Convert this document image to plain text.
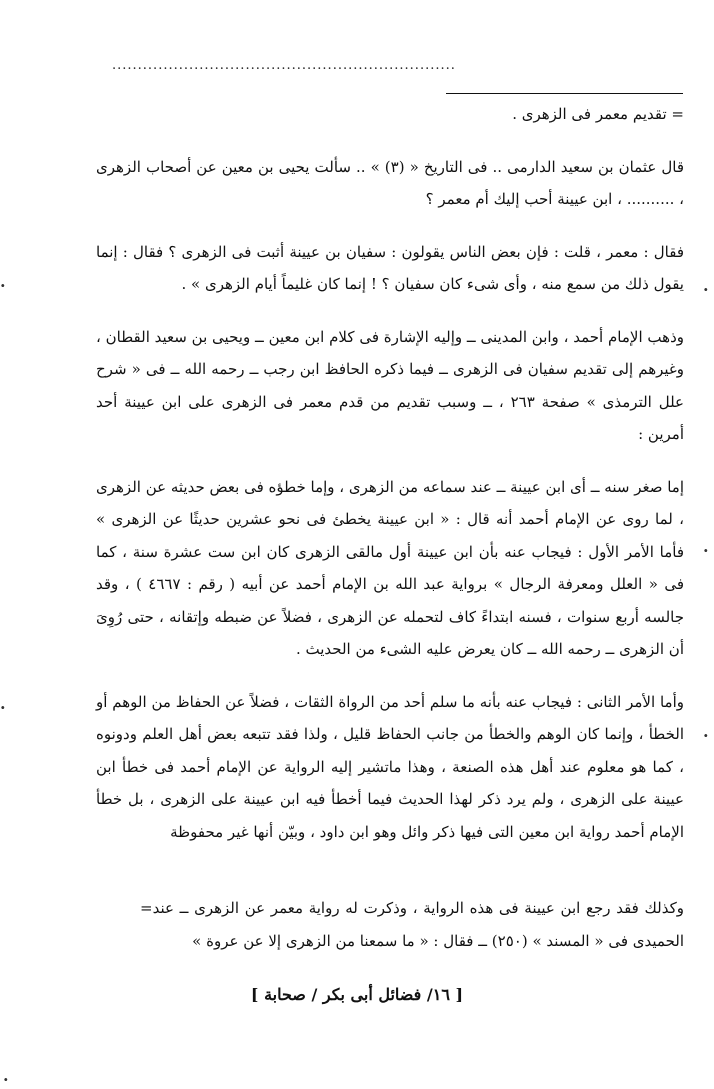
...................................................................

= تقديم معمر فى الزهرى .

قال عثمان بن سعيد الدارمى .. فى التاريخ « (٣) » .. سألت يحيى بن معين عن أصحاب الزهرى ، .......... ، ابن عيينة أحب إليك أم معمر ؟

فقال : معمر ، قلت : فإن بعض الناس يقولون : سفيان بن عيينة أثبت فى الزهرى ؟ فقال : إنما يقول ذلك من سمع منه ، وأى شىء كان سفيان ؟ ! إنما كان غليماً أيام الزهرى » .

وذهب الإمام أحمد ، وابن المدينى ــ وإليه الإشارة فى كلام ابن معين ــ ويحيى بن سعيد القطان ، وغيرهم إلى تقديم سفيان فى الزهرى ــ فيما ذكره الحافظ ابن رجب ــ رحمه الله ــ فى « شرح علل الترمذى » صفحة ٢٦٣ ، ــ وسبب تقديم من قدم معمر فى الزهرى على ابن عيينة أحد أمرين :

إما صغر سنه ــ أى ابن عيينة ــ عند سماعه من الزهرى ، وإما خطؤه فى بعض حديثه عن الزهرى ، لما روى عن الإمام أحمد أنه قال : « ابن عيينة يخطئ فى نحو عشرين حديثًا عن الزهرى » فأما الأمر الأول : فيجاب عنه بأن ابن عيينة أول مالقى الزهرى كان ابن ست عشرة سنة ، كما فى « العلل ومعرفة الرجال » برواية عبد الله بن الإمام أحمد عن أبيه ( رقم : ٤٦٦٧ ) ، وقد جالسه أربع سنوات ، فسنه ابتداءً كاف لتحمله عن الزهرى ، فضلاً عن ضبطه وإتقانه ، حتى رُوِىَ أن الزهرى ــ رحمه الله ــ كان يعرض عليه الشىء من الحديث .

وأما الأمر الثانى : فيجاب عنه بأنه ما سلم أحد من الرواة الثقات ، فضلاً عن الحفاظ من الوهم أو الخطأ ، وإنما كان الوهم والخطأ من جانب الحفاظ قليل ، ولذا فقد تتبعه بعض أهل العلم ودونوه ، كما هو معلوم عند أهل هذه الصنعة ، وهذا ماتشير إليه الرواية عن الإمام أحمد فى خطأ ابن عيينة على الزهرى ، ولم يرد ذكر لهذا الحديث فيما أخطأ فيه ابن عيينة على الزهرى ، بل خطأ الإمام أحمد رواية ابن معين التى فيها ذكر وائل وهو ابن داود ، وبيّن أنها غير محفوظة

= وكذلك فقد رجع ابن عيينة فى هذه الرواية ، وذكرت له رواية معمر عن الزهرى ــ عند الحميدى فى « المسند » (٢٥٠) ــ فقال : « ما سمعنا من الزهرى إلا عن عروة »

[ ١٦/ فضائل أبى بكر / صحابة ]
·
·
·
·
·
·
